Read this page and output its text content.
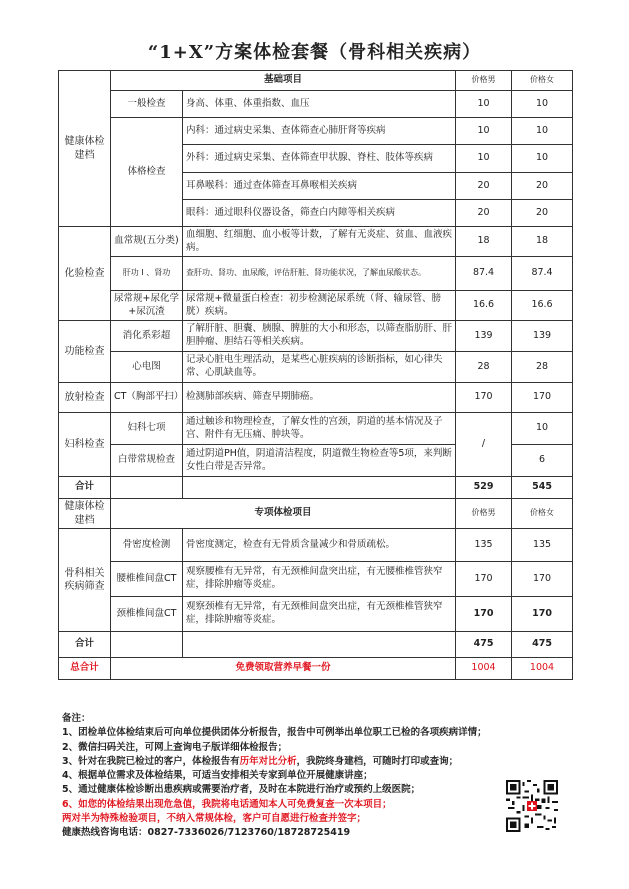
“1+X”方案体检套餐（骨科相关疾病）
健康体检建档	基础项目		价格男	价格女
	一般检查	身高、体重、体重指数、血压	10	10
	体格检查	内科：通过病史采集、查体筛查心肺肝肾等疾病	10	10
		外科：通过病史采集、查体筛查甲状腺、脊柱、肢体等疾病	10	10
		耳鼻喉科：通过查体筛查耳鼻喉相关疾病	20	20
		眼科：通过眼科仪器设备，筛查白内障等相关疾病	20	20
化验检查	血常规(五分类)	血细胞、红细胞、血小板等计数，了解有无炎症、贫血、血液疾病。	18	18
	肝功 I 、肾功	查肝功、肾功、血尿酸，评估肝脏、肾功能状况，了解血尿酸状态。	87.4	87.4
	尿常规+尿化学+尿沉渣	尿常规+微量蛋白检查：初步检测泌尿系统（肾、输尿管、膀胱）疾病。	16.6	16.6
功能检查	消化系彩超	了解肝脏、胆囊、胰腺、脾脏的大小和形态，以筛查脂肪肝、肝胆肿瘤、胆结石等相关疾病。	139	139
	心电图	记录心脏电生理活动，是某些心脏疾病的诊断指标，如心律失常、心肌缺血等。	28	28
放射检查	CT（胸部平扫）	检测肺部疾病、筛查早期肺癌。	170	170
妇科检查	妇科七项	通过触诊和物理检查，了解女性的宫颈，阴道的基本情况及子宫、附件有无压痛、肿块等。	/	10
	白带常规检查	通过阴道PH值，阴道清洁程度，阴道微生物检查等5项，来判断女性白带是否异常。		6
合计			529	545
健康体检建档	专项体检项目		价格男	价格女
骨科相关疾病筛查	骨密度检测	骨密度测定，检查有无骨质含量减少和骨质疏松。	135	135
	腰椎椎间盘CT	观察腰椎有无异常，有无颈椎间盘突出症，有无腰椎椎管狭窄症，排除肿瘤等炎症。	170	170
	颈椎椎间盘CT	观察颈椎有无异常，有无颈椎间盘突出症，有无颈椎椎管狭窄症，排除肿瘤等炎症。	170	170
合计			475	475
总合计	免费领取营养早餐一份		1004	1004
备注：
1、团检单位体检结束后可向单位提供团体分析报告，报告中可例举出单位职工已检的各项疾病详情；
2、微信扫码关注，可网上查询电子版详细体检报告；
3、针对在我院已检过的客户，体检报告有历年对比分析，我院终身建档，可随时打印或查询；
4、根据单位需求及体检结果，可适当安排相关专家到单位开展健康讲座；
5、通过健康体检诊断出患疾病或需要治疗者，及时在本院进行治疗或预约上级医院；
6、如您的体检结果出现危急值，我院将电话通知本人可免费复查一次本项目；
两对半为特殊检验项目，不纳入常规体检，客户可自愿进行检查并签字；
健康热线咨询电话：0827-7336026/7123760/18728725419
